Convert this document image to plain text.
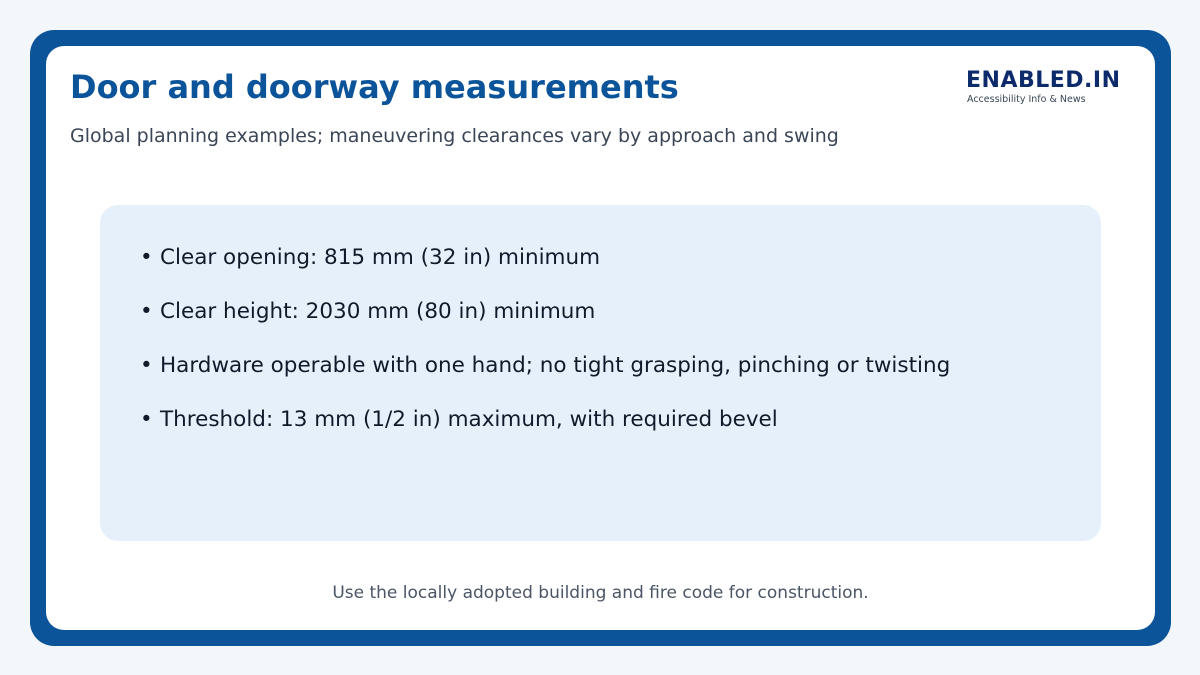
Door and doorway measurements
Global planning examples; maneuvering clearances vary by approach and swing
ENABLED.IN
Accessibility Info & News
• Clear opening: 815 mm (32 in) minimum
• Clear height: 2030 mm (80 in) minimum
• Hardware operable with one hand; no tight grasping, pinching or twisting
• Threshold: 13 mm (1/2 in) maximum, with required bevel
Use the locally adopted building and fire code for construction.
